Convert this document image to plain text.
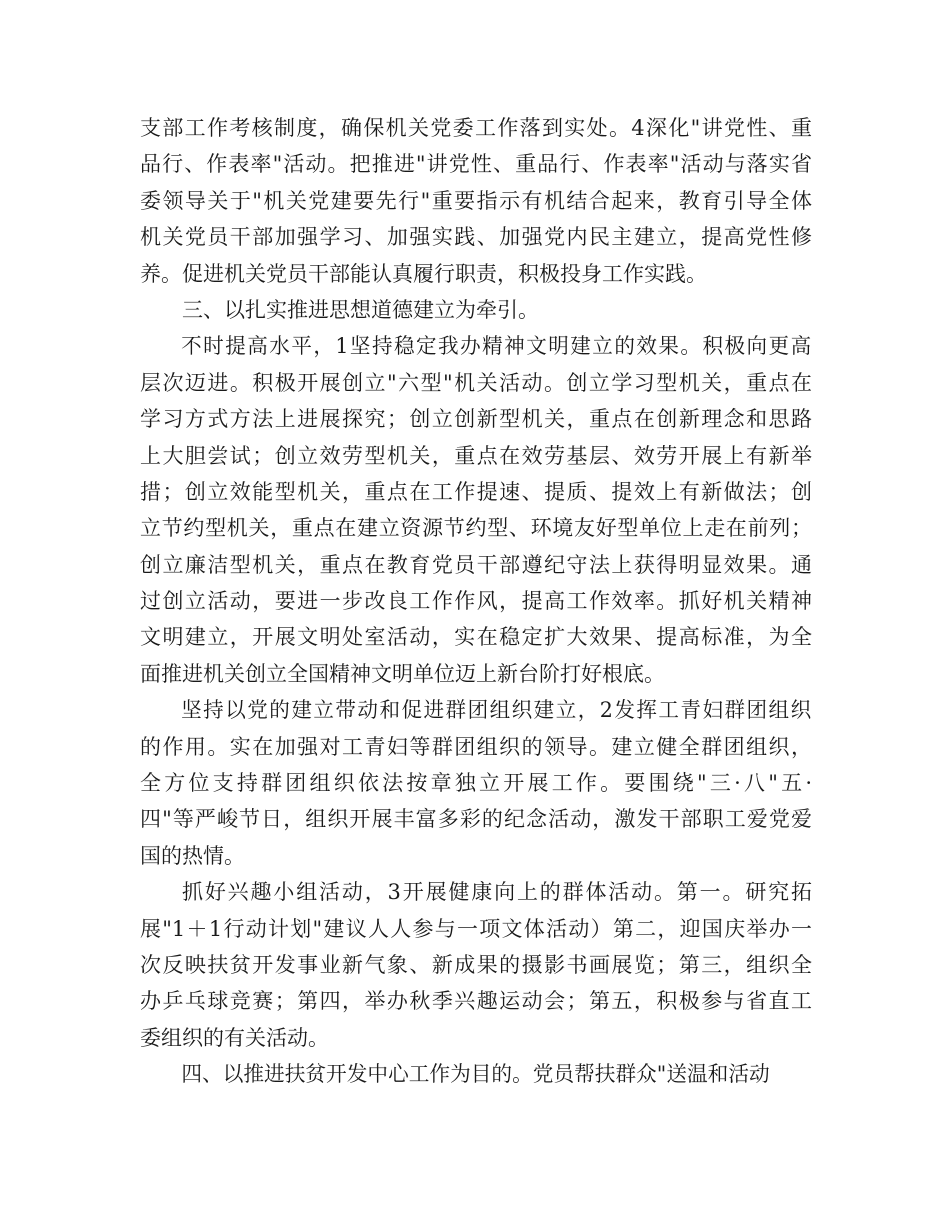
支部工作考核制度，确保机关党委工作落到实处。4深化"讲党性、重
品行、作表率"活动。把推进"讲党性、重品行、作表率"活动与落实省
委领导关于"机关党建要先行"重要指示有机结合起来，教育引导全体
机关党员干部加强学习、加强实践、加强党内民主建立，提高党性修
养。促进机关党员干部能认真履行职责，积极投身工作实践。
三、以扎实推进思想道德建立为牵引。
不时提高水平，1坚持稳定我办精神文明建立的效果。积极向更高
层次迈进。积极开展创立"六型"机关活动。创立学习型机关，重点在
学习方式方法上进展探究；创立创新型机关，重点在创新理念和思路
上大胆尝试；创立效劳型机关，重点在效劳基层、效劳开展上有新举
措；创立效能型机关，重点在工作提速、提质、提效上有新做法；创
立节约型机关，重点在建立资源节约型、环境友好型单位上走在前列；
创立廉洁型机关，重点在教育党员干部遵纪守法上获得明显效果。通
过创立活动，要进一步改良工作作风，提高工作效率。抓好机关精神
文明建立，开展文明处室活动，实在稳定扩大效果、提高标准，为全
面推进机关创立全国精神文明单位迈上新台阶打好根底。
坚持以党的建立带动和促进群团组织建立，2发挥工青妇群团组织
的作用。实在加强对工青妇等群团组织的领导。建立健全群团组织，
全方位支持群团组织依法按章独立开展工作。要围绕"三·八"五·
四"等严峻节日，组织开展丰富多彩的纪念活动，激发干部职工爱党爱
国的热情。
抓好兴趣小组活动，3开展健康向上的群体活动。第一。研究拓
展"1＋1行动计划"建议人人参与一项文体活动）第二，迎国庆举办一
次反映扶贫开发事业新气象、新成果的摄影书画展览；第三，组织全
办乒乓球竞赛；第四，举办秋季兴趣运动会；第五，积极参与省直工
委组织的有关活动。
四、以推进扶贫开发中心工作为目的。党员帮扶群众"送温和活动
